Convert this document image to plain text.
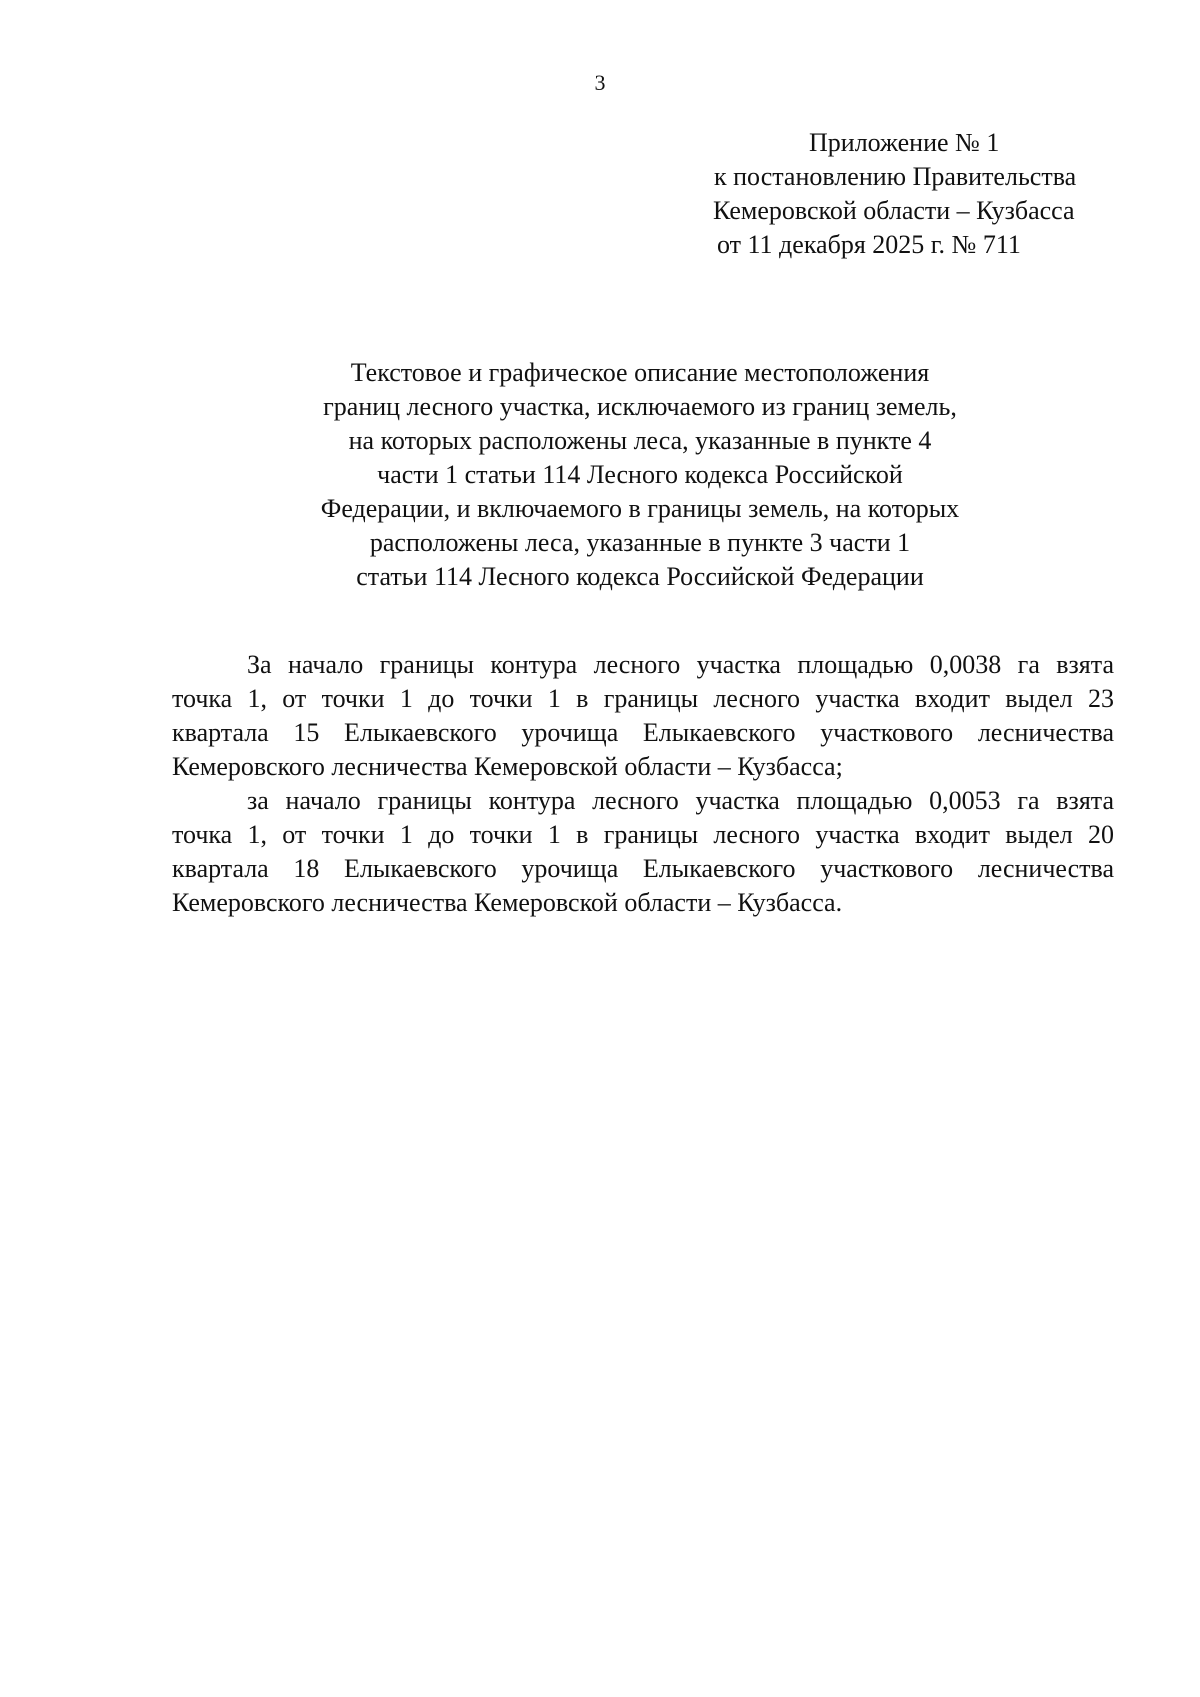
3
Приложение № 1
к постановлению Правительства
Кемеровской области – Кузбасса
от 11 декабря 2025 г. № 711
Текстовое и графическое описание местоположения
границ лесного участка, исключаемого из границ земель,
на которых расположены леса, указанные в пункте 4
части 1 статьи 114 Лесного кодекса Российской
Федерации, и включаемого в границы земель, на которых
расположены леса, указанные в пункте 3 части 1
статьи 114 Лесного кодекса Российской Федерации
За начало границы контура лесного участка площадью 0,0038 га взята
точка 1, от точки 1 до точки 1 в границы лесного участка входит выдел 23
квартала 15 Елыкаевского урочища Елыкаевского участкового лесничества
Кемеровского лесничества Кемеровской области – Кузбасса;
за начало границы контура лесного участка площадью 0,0053 га взята
точка 1, от точки 1 до точки 1 в границы лесного участка входит выдел 20
квартала 18 Елыкаевского урочища Елыкаевского участкового лесничества
Кемеровского лесничества Кемеровской области – Кузбасса.
